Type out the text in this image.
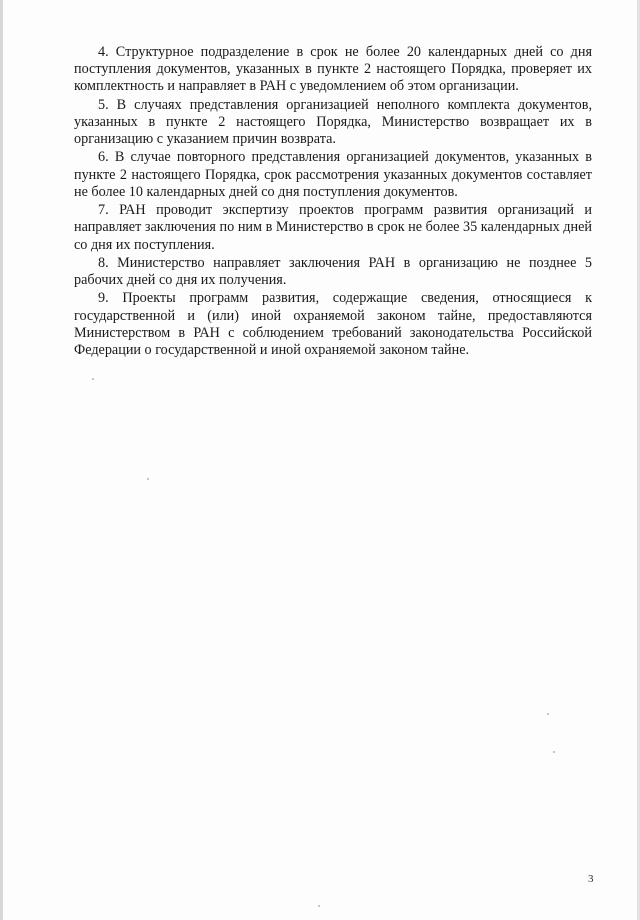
4. Структурное подразделение в срок не более 20 календарных дней со дня поступления документов, указанных в пункте 2 настоящего Порядка, проверяет их комплектность и направляет в РАН с уведомлением об этом организации.

5. В случаях представления организацией неполного комплекта документов, указанных в пункте 2 настоящего Порядка, Министерство возвращает их в организацию с указанием причин возврата.

6. В случае повторного представления организацией документов, указанных в пункте 2 настоящего Порядка, срок рассмотрения указанных документов составляет не более 10 календарных дней со дня поступления документов.

7. РАН проводит экспертизу проектов программ развития организаций и направляет заключения по ним в Министерство в срок не более 35 календарных дней со дня их поступления.

8. Министерство направляет заключения РАН в организацию не позднее 5 рабочих дней со дня их получения.

9. Проекты программ развития, содержащие сведения, относящиеся к государственной и (или) иной охраняемой законом тайне, предоставляются Министерством в РАН с соблюдением требований законодательства Российской Федерации о государственной и иной охраняемой законом тайне.

3
